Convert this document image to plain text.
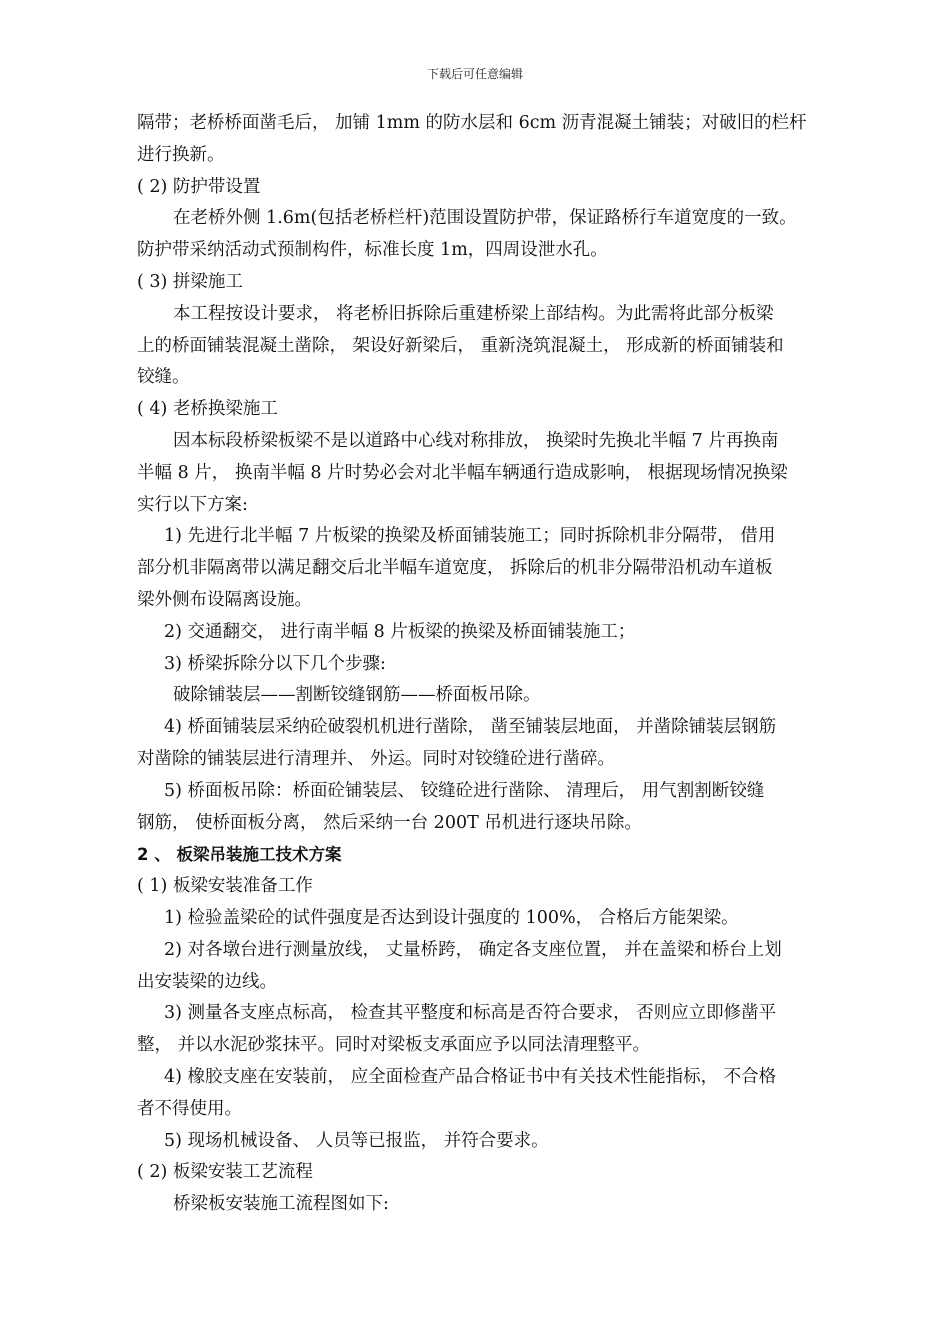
下载后可任意编辑

隔带；老桥桥面凿毛后， 加铺 1mm 的防水层和 6cm 沥青混凝土铺装；对破旧的栏杆

进行换新。

( 2) 防护带设置

在老桥外侧 1.6m(包括老桥栏杆)范围设置防护带，保证路桥行车道宽度的一致。

防护带采纳活动式预制构件，标准长度 1m，四周设泄水孔。

( 3) 拼梁施工

本工程按设计要求， 将老桥旧拆除后重建桥梁上部结构。为此需将此部分板梁

上的桥面铺装混凝土凿除， 架设好新梁后， 重新浇筑混凝土， 形成新的桥面铺装和

铰缝。

( 4) 老桥换梁施工

因本标段桥梁板梁不是以道路中心线对称排放， 换梁时先换北半幅 7 片再换南

半幅 8 片， 换南半幅 8 片时势必会对北半幅车辆通行造成影响， 根据现场情况换梁

实行以下方案:

1) 先进行北半幅 7 片板梁的换梁及桥面铺装施工；同时拆除机非分隔带， 借用

部分机非隔离带以满足翻交后北半幅车道宽度， 拆除后的机非分隔带沿机动车道板

梁外侧布设隔离设施。

2) 交通翻交， 进行南半幅 8 片板梁的换梁及桥面铺装施工；

3) 桥梁拆除分以下几个步骤:

破除铺装层——割断铰缝钢筋——桥面板吊除。

4) 桥面铺装层采纳砼破裂机机进行凿除， 凿至铺装层地面， 并凿除铺装层钢筋

对凿除的铺装层进行清理并、 外运。同时对铰缝砼进行凿碎。

5) 桥面板吊除：桥面砼铺装层、 铰缝砼进行凿除、 清理后， 用气割割断铰缝

钢筋， 使桥面板分离， 然后采纳一台 200T 吊机进行逐块吊除。

2 、 板梁吊装施工技术方案

( 1) 板梁安装准备工作

1) 检验盖梁砼的试件强度是否达到设计强度的 100%， 合格后方能架梁。

2) 对各墩台进行测量放线， 丈量桥跨， 确定各支座位置， 并在盖梁和桥台上划

出安装梁的边线。

3) 测量各支座点标高， 检查其平整度和标高是否符合要求， 否则应立即修凿平

整， 并以水泥砂浆抹平。同时对梁板支承面应予以同法清理整平。

4) 橡胶支座在安装前， 应全面检查产品合格证书中有关技术性能指标， 不合格

者不得使用。

5) 现场机械设备、 人员等已报监， 并符合要求。

( 2) 板梁安装工艺流程

桥梁板安装施工流程图如下:
